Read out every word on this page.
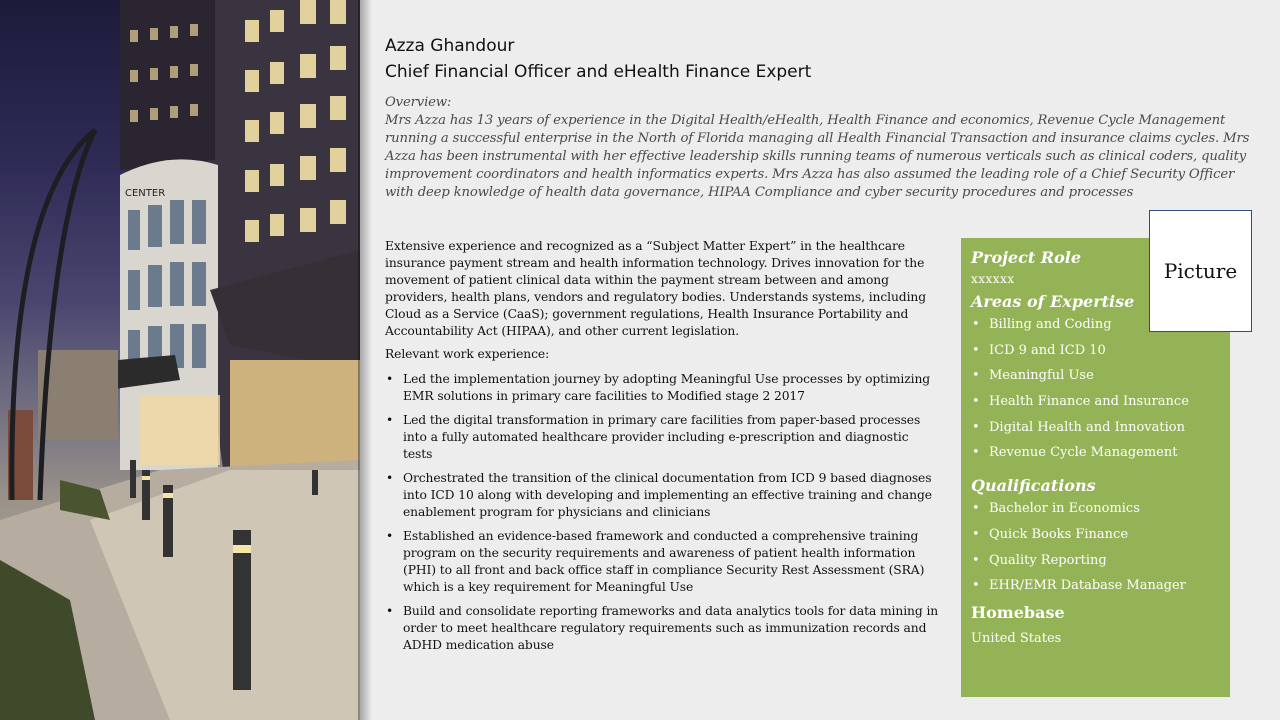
CENTER
Azza Ghandour
Chief Financial Officer and eHealth Finance Expert
Overview:
Mrs Azza has 13 years of experience in the Digital Health/eHealth, Health Finance and economics, Revenue Cycle Management running a successful enterprise in the North of Florida managing all Health Financial Transaction and insurance claims cycles. Mrs Azza has been instrumental with her effective leadership skills running teams of numerous verticals such as clinical coders, quality improvement coordinators and health informatics experts. Mrs Azza has also assumed the leading role of a Chief Security Officer with deep knowledge of health data governance, HIPAA Compliance and cyber security procedures and processes

Extensive experience and recognized as a “Subject Matter Expert” in the healthcare insurance payment stream and health information technology. Drives innovation for the movement of patient clinical data within the payment stream between and among providers, health plans, vendors and regulatory bodies. Understands systems, including Cloud as a Service (CaaS); government regulations, Health Insurance Portability and Accountability Act (HIPAA), and other current legislation.

Relevant work experience:

• Led the implementation journey by adopting Meaningful Use processes by optimizing EMR solutions in primary care facilities to Modified stage 2 2017
• Led the digital transformation in primary care facilities from paper-based processes into a fully automated healthcare provider including e-prescription and diagnostic tests
• Orchestrated the transition of the clinical documentation from ICD 9 based diagnoses into ICD 10 along with developing and implementing an effective training and change enablement program for physicians and clinicians
• Established an evidence-based framework and conducted a comprehensive training program on the security requirements and awareness of patient health information (PHI) to all front and back office staff in compliance Security Rest Assessment (SRA) which is a key requirement for Meaningful Use
• Build and consolidate reporting frameworks and data analytics tools for data mining in order to meet healthcare regulatory requirements such as immunization records and ADHD medication abuse
Project Role
xxxxxx
Areas of Expertise
• Billing and Coding
• ICD 9 and ICD 10
• Meaningful Use
• Health Finance and Insurance
• Digital Health and Innovation
• Revenue Cycle Management
Qualifications
• Bachelor in Economics
• Quick Books Finance
• Quality Reporting
• EHR/EMR Database Manager
Homebase
United States
Picture
